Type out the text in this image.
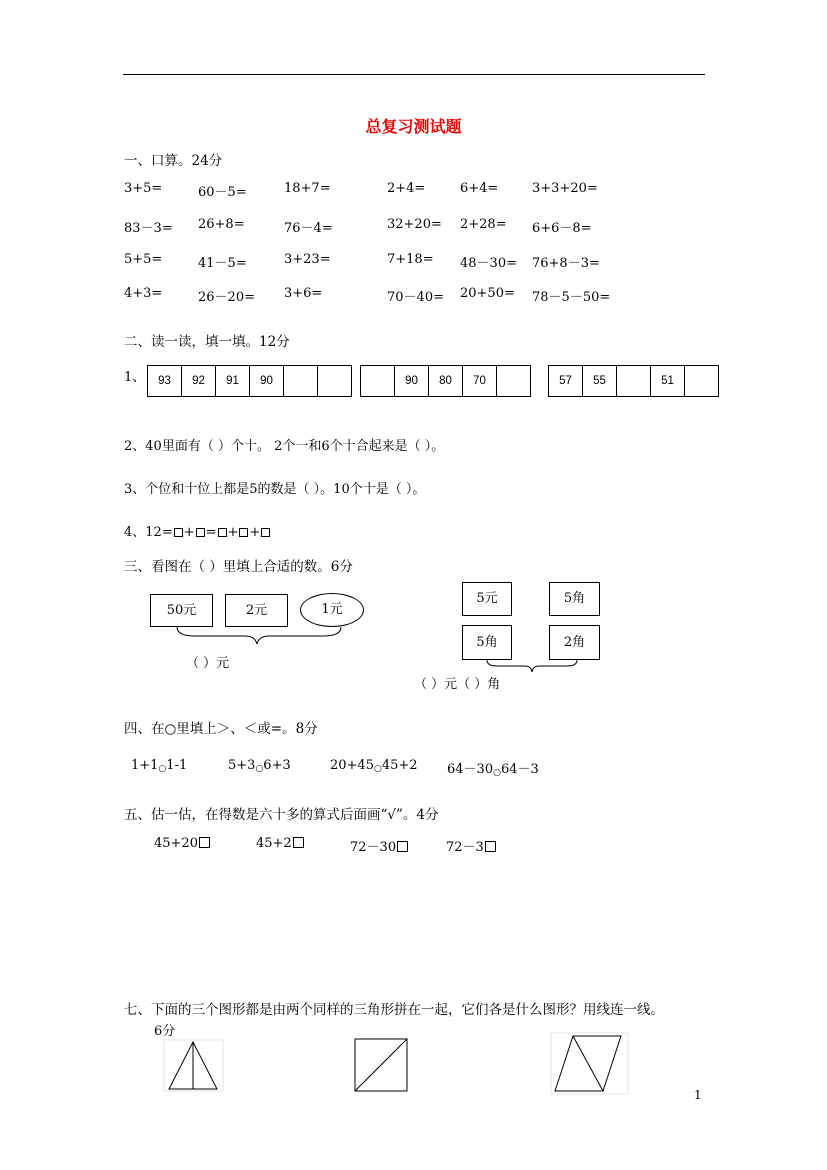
总复习测试题
一、口算。24分
3+5=	60－5=	18+7=	2+4=	6+4=	3+3+20=
83－3= 26+8=	76－4=	32+20= 2+28= 6+6－8=
5+5=	41－5=	3+23=	7+18= 48－30= 76+8－3=
4+3=	26－20= 3+6=	70－40= 20+50= 78－5－50=
二、读一读，填一填。12分
1、 93	92	91	90		
		90	80	70		57	55		51	
2、40里面有（ ）个十。 2个一和6个十合起来是（ ）。
3、个位和十位上都是5的数是（ ）。10个十是（ ）。
4、12= + = + +
三、看图在（ ）里填上合适的数。6分
50元	2元	1元
（ ）元
5元	5角
5角	2角
（ ）元（ ）角
四、在○里填上＞、＜或=。8分
1+1○1-1	5+3○6+3	20+45○45+2 64－30○64－3
五、估一估，在得数是六十多的算式后面画“√”。4分
45+20	45+2	72－30	72－3
七、下面的三个图形都是由两个同样的三角形拼在一起，它们各是什么图形？用线连一线。
6分
1
